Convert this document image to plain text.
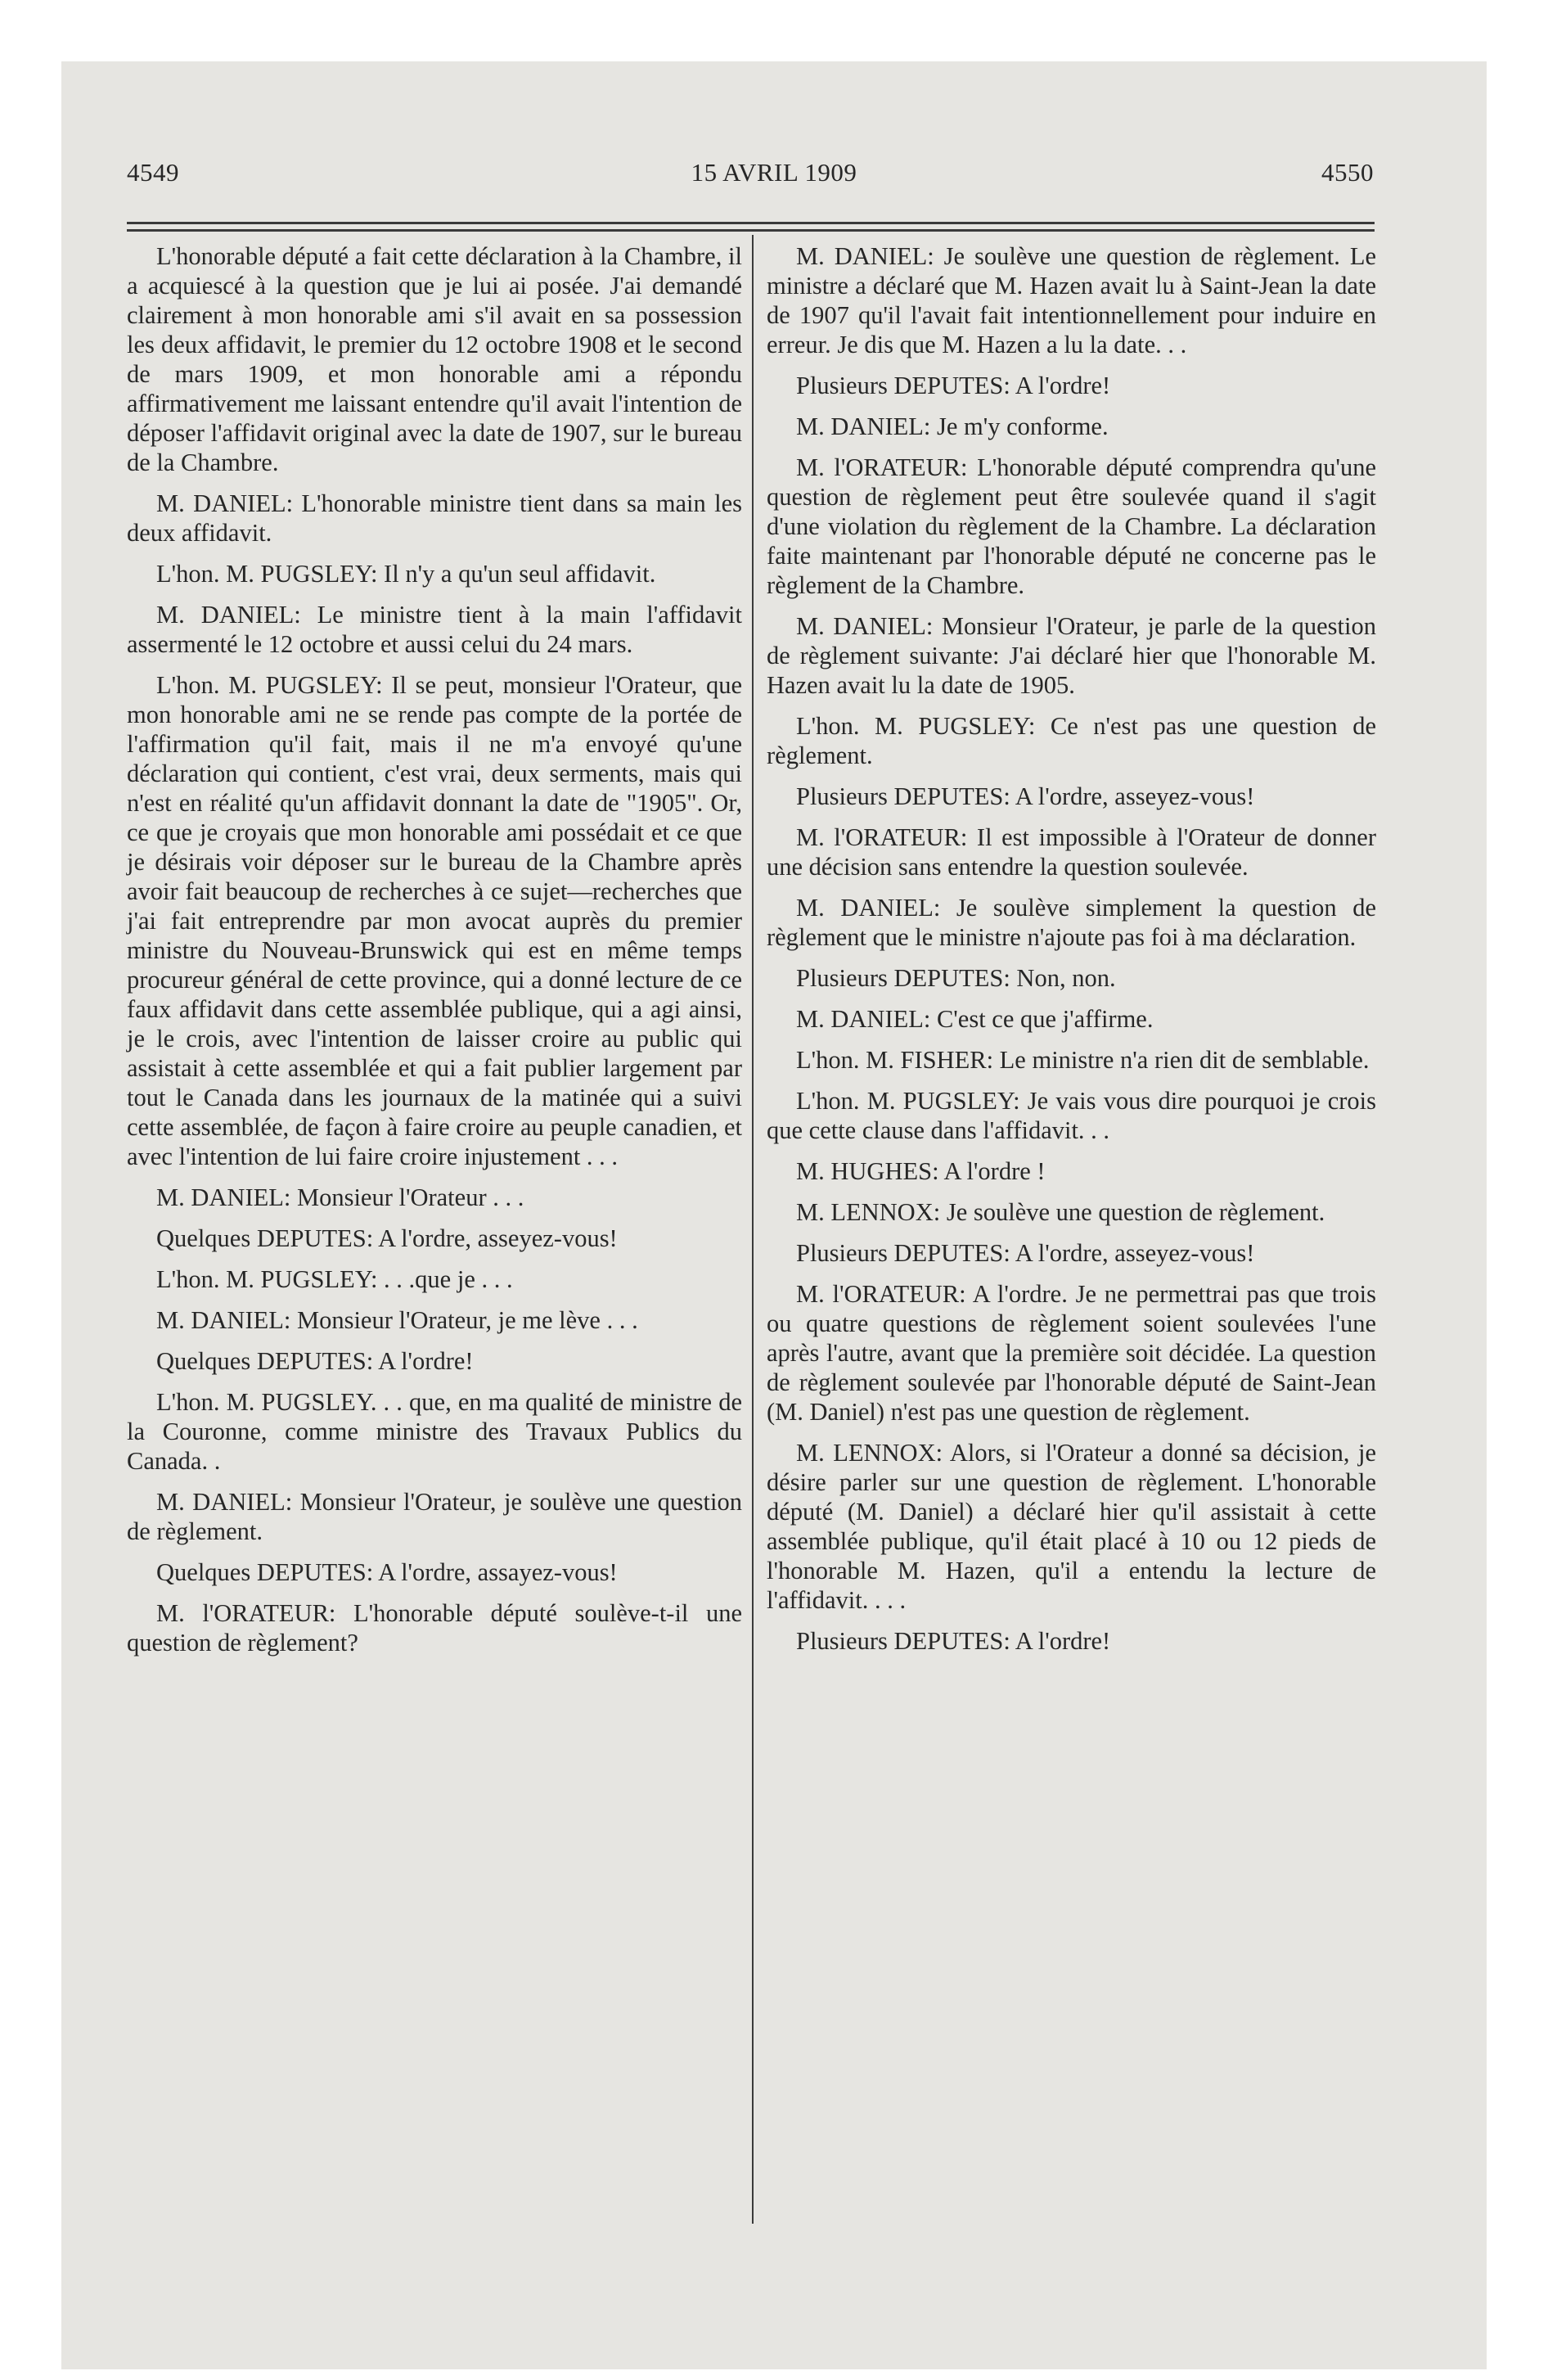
4549	15 AVRIL 1909	4550

L'honorable député a fait cette déclaration à la Chambre, il a acquiescé à la question que je lui ai posée. J'ai demandé clairement à mon honorable ami s'il avait en sa possession les deux affidavit, le premier du 12 octobre 1908 et le second de mars 1909, et mon honorable ami a répondu affirmativement me laissant entendre qu'il avait l'intention de déposer l'affidavit original avec la date de 1907, sur le bureau de la Chambre.

M. DANIEL: L'honorable ministre tient dans sa main les deux affidavit.

L'hon. M. PUGSLEY: Il n'y a qu'un seul affidavit.

M. DANIEL: Le ministre tient à la main l'affidavit assermenté le 12 octobre et aussi celui du 24 mars.

L'hon. M. PUGSLEY: Il se peut, monsieur l'Orateur, que mon honorable ami ne se rende pas compte de la portée de l'affirmation qu'il fait, mais il ne m'a envoyé qu'une déclaration qui contient, c'est vrai, deux serments, mais qui n'est en réalité qu'un affidavit donnant la date de "1905". Or, ce que je croyais que mon honorable ami possédait et ce que je désirais voir déposer sur le bureau de la Chambre après avoir fait beaucoup de recherches à ce sujet—recherches que j'ai fait entreprendre par mon avocat auprès du premier ministre du Nouveau-Brunswick qui est en même temps procureur général de cette province, qui a donné lecture de ce faux affidavit dans cette assemblée publique, qui a agi ainsi, je le crois, avec l'intention de laisser croire au public qui assistait à cette assemblée et qui a fait publier largement par tout le Canada dans les journaux de la matinée qui a suivi cette assemblée, de façon à faire croire au peuple canadien, et avec l'intention de lui faire croire injustement . . .

M. DANIEL: Monsieur l'Orateur . . .

Quelques DEPUTES: A l'ordre, asseyez-vous!

L'hon. M. PUGSLEY: . . .que je . . .

M. DANIEL: Monsieur l'Orateur, je me lève . . .

Quelques DEPUTES: A l'ordre!

L'hon. M. PUGSLEY. . . que, en ma qualité de ministre de la Couronne, comme ministre des Travaux Publics du Canada. .

M. DANIEL: Monsieur l'Orateur, je soulève une question de règlement.

Quelques DEPUTES: A l'ordre, assayez-vous!

M. l'ORATEUR: L'honorable député soulève-t-il une question de règlement?

M. DANIEL: Je soulève une question de règlement. Le ministre a déclaré que M. Hazen avait lu à Saint-Jean la date de 1907 qu'il l'avait fait intentionnellement pour induire en erreur. Je dis que M. Hazen a lu la date. . .

Plusieurs DEPUTES: A l'ordre!

M. DANIEL: Je m'y conforme.

M. l'ORATEUR: L'honorable député comprendra qu'une question de règlement peut être soulevée quand il s'agit d'une violation du règlement de la Chambre. La déclaration faite maintenant par l'honorable député ne concerne pas le règlement de la Chambre.

M. DANIEL: Monsieur l'Orateur, je parle de la question de règlement suivante: J'ai déclaré hier que l'honorable M. Hazen avait lu la date de 1905.

L'hon. M. PUGSLEY: Ce n'est pas une question de règlement.

Plusieurs DEPUTES: A l'ordre, asseyez-vous!

M. l'ORATEUR: Il est impossible à l'Orateur de donner une décision sans entendre la question soulevée.

M. DANIEL: Je soulève simplement la question de règlement que le ministre n'ajoute pas foi à ma déclaration.

Plusieurs DEPUTES: Non, non.

M. DANIEL: C'est ce que j'affirme.

L'hon. M. FISHER: Le ministre n'a rien dit de semblable.

L'hon. M. PUGSLEY: Je vais vous dire pourquoi je crois que cette clause dans l'affidavit. . .

M. HUGHES: A l'ordre !

M. LENNOX: Je soulève une question de règlement.

Plusieurs DEPUTES: A l'ordre, asseyez-vous!

M. l'ORATEUR: A l'ordre. Je ne permettrai pas que trois ou quatre questions de règlement soient soulevées l'une après l'autre, avant que la première soit décidée. La question de règlement soulevée par l'honorable député de Saint-Jean (M. Daniel) n'est pas une question de règlement.

M. LENNOX: Alors, si l'Orateur a donné sa décision, je désire parler sur une question de règlement. L'honorable député (M. Daniel) a déclaré hier qu'il assistait à cette assemblée publique, qu'il était placé à 10 ou 12 pieds de l'honorable M. Hazen, qu'il a entendu la lecture de l'affidavit. . . .

Plusieurs DEPUTES: A l'ordre!
